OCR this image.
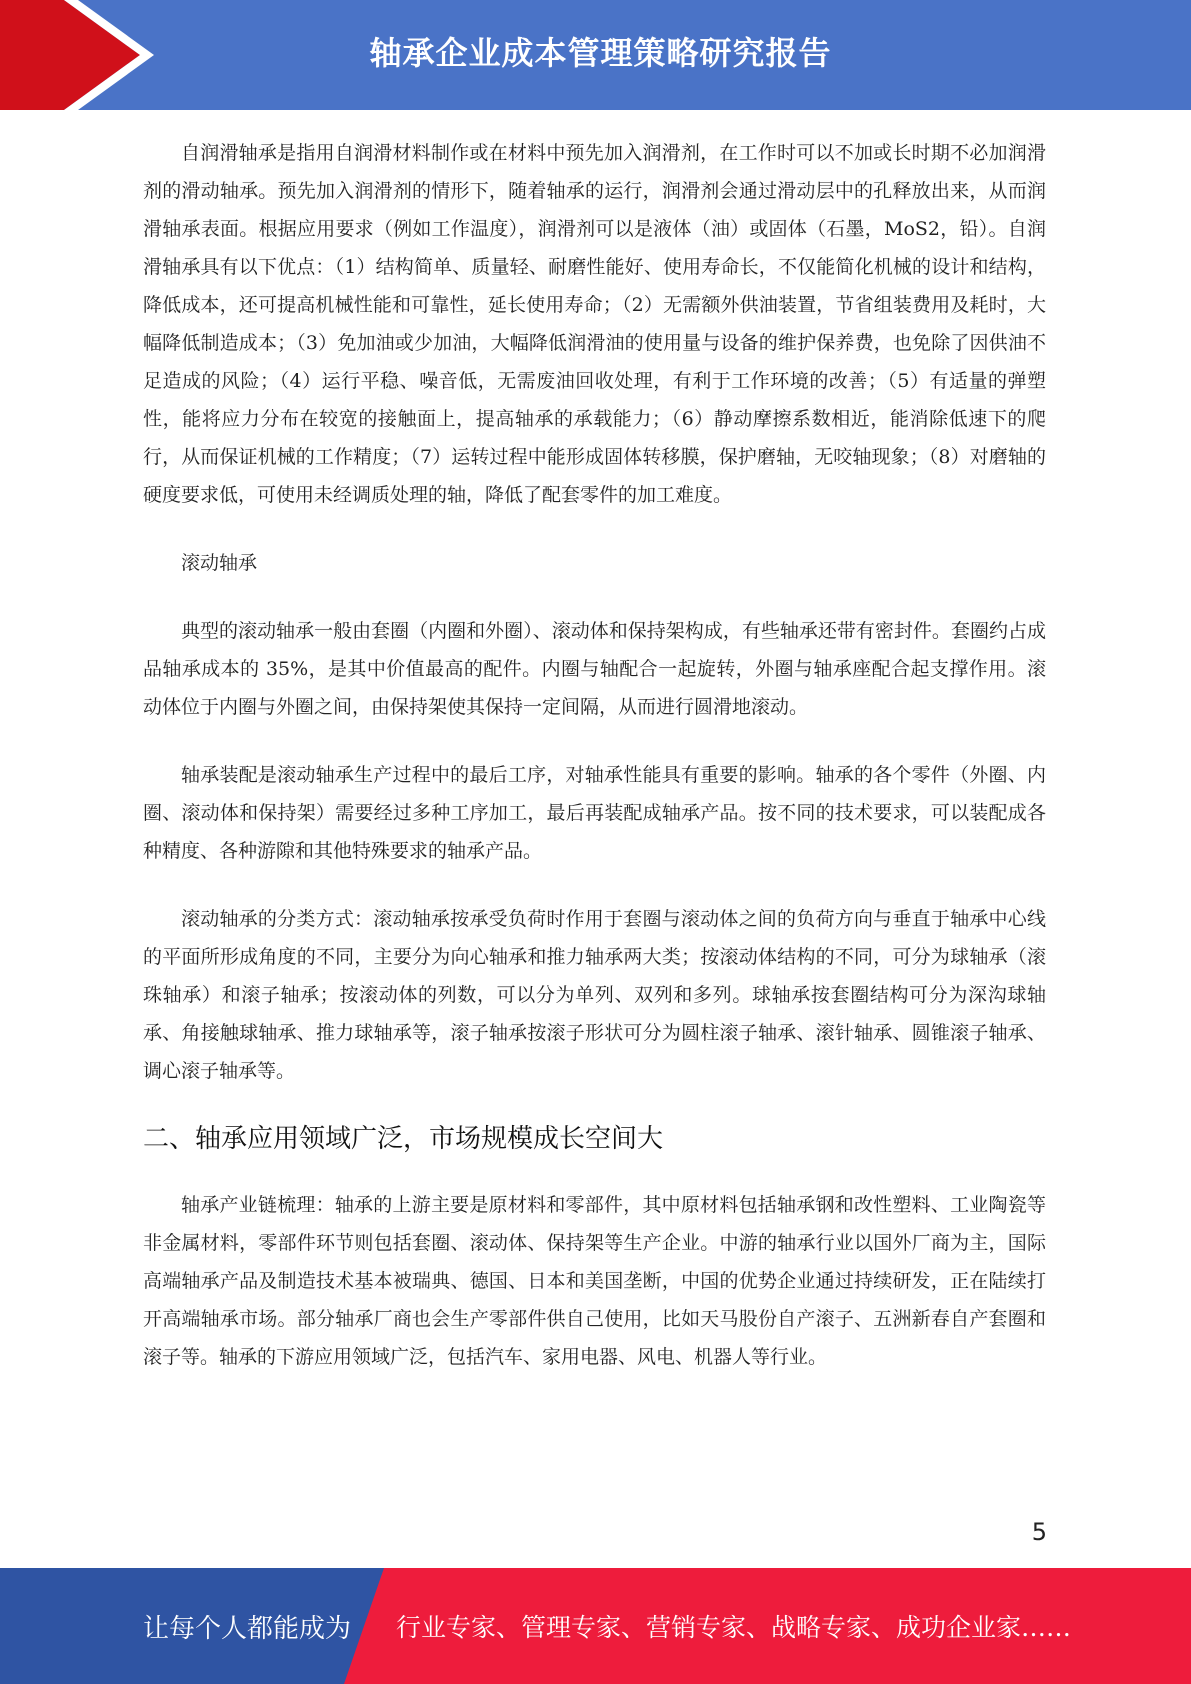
轴承企业成本管理策略研究报告

自润滑轴承是指用自润滑材料制作或在材料中预先加入润滑剂，在工作时可以不加或长时期不必加润滑剂的滑动轴承。预先加入润滑剂的情形下，随着轴承的运行，润滑剂会通过滑动层中的孔释放出来，从而润滑轴承表面。根据应用要求（例如工作温度），润滑剂可以是液体（油）或固体（石墨，MoS2，铅）。自润滑轴承具有以下优点：（1）结构简单、质量轻、耐磨性能好、使用寿命长，不仅能简化机械的设计和结构，降低成本，还可提高机械性能和可靠性，延长使用寿命；（2）无需额外供油装置，节省组装费用及耗时，大幅降低制造成本；（3）免加油或少加油，大幅降低润滑油的使用量与设备的维护保养费，也免除了因供油不足造成的风险；（4）运行平稳、噪音低，无需废油回收处理，有利于工作环境的改善；（5）有适量的弹塑性，能将应力分布在较宽的接触面上，提高轴承的承载能力；（6）静动摩擦系数相近，能消除低速下的爬行，从而保证机械的工作精度；（7）运转过程中能形成固体转移膜，保护磨轴，无咬轴现象；（8）对磨轴的硬度要求低，可使用未经调质处理的轴，降低了配套零件的加工难度。

滚动轴承

典型的滚动轴承一般由套圈（内圈和外圈）、滚动体和保持架构成，有些轴承还带有密封件。套圈约占成品轴承成本的 35%，是其中价值最高的配件。内圈与轴配合一起旋转，外圈与轴承座配合起支撑作用。滚动体位于内圈与外圈之间，由保持架使其保持一定间隔，从而进行圆滑地滚动。

轴承装配是滚动轴承生产过程中的最后工序，对轴承性能具有重要的影响。轴承的各个零件（外圈、内圈、滚动体和保持架）需要经过多种工序加工，最后再装配成轴承产品。按不同的技术要求，可以装配成各种精度、各种游隙和其他特殊要求的轴承产品。

滚动轴承的分类方式：滚动轴承按承受负荷时作用于套圈与滚动体之间的负荷方向与垂直于轴承中心线的平面所形成角度的不同，主要分为向心轴承和推力轴承两大类；按滚动体结构的不同，可分为球轴承（滚珠轴承）和滚子轴承；按滚动体的列数，可以分为单列、双列和多列。球轴承按套圈结构可分为深沟球轴承、角接触球轴承、推力球轴承等，滚子轴承按滚子形状可分为圆柱滚子轴承、滚针轴承、圆锥滚子轴承、调心滚子轴承等。

二、轴承应用领域广泛，市场规模成长空间大

轴承产业链梳理：轴承的上游主要是原材料和零部件，其中原材料包括轴承钢和改性塑料、工业陶瓷等非金属材料，零部件环节则包括套圈、滚动体、保持架等生产企业。中游的轴承行业以国外厂商为主，国际高端轴承产品及制造技术基本被瑞典、德国、日本和美国垄断，中国的优势企业通过持续研发，正在陆续打开高端轴承市场。部分轴承厂商也会生产零部件供自己使用，比如天马股份自产滚子、五洲新春自产套圈和滚子等。轴承的下游应用领域广泛，包括汽车、家用电器、风电、机器人等行业。

5
让每个人都能成为 行业专家、管理专家、营销专家、战略专家、成功企业家……
